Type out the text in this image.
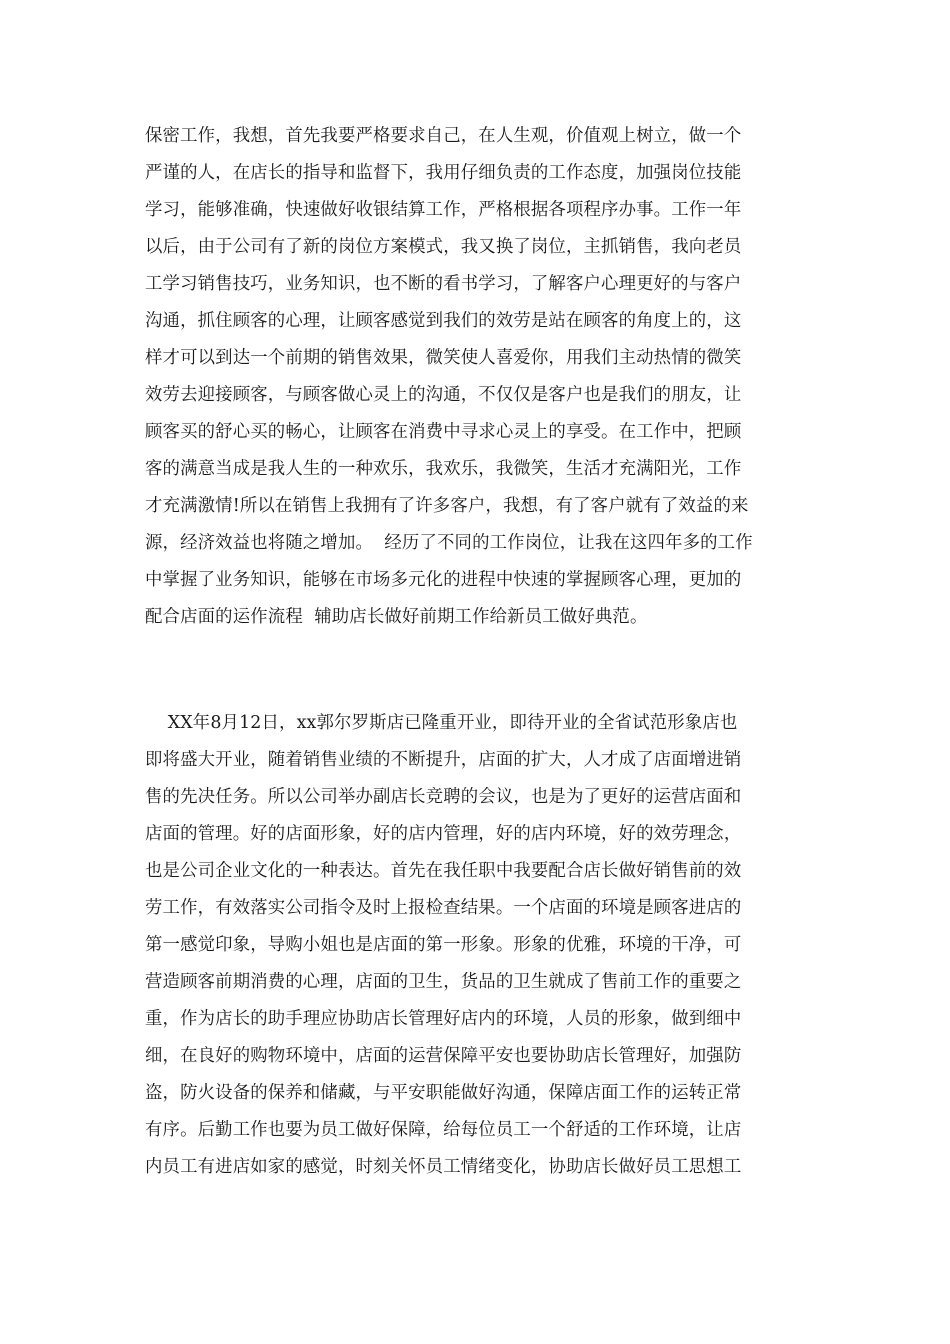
保密工作，我想，首先我要严格要求自己，在人生观，价值观上树立，做一个
严谨的人，在店长的指导和监督下，我用仔细负责的工作态度，加强岗位技能
学习，能够准确，快速做好收银结算工作，严格根据各项程序办事。工作一年
以后，由于公司有了新的岗位方案模式，我又换了岗位，主抓销售，我向老员
工学习销售技巧，业务知识，也不断的看书学习，了解客户心理更好的与客户
沟通，抓住顾客的心理，让顾客感觉到我们的效劳是站在顾客的角度上的，这
样才可以到达一个前期的销售效果，微笑使人喜爱你，用我们主动热情的微笑
效劳去迎接顾客，与顾客做心灵上的沟通，不仅仅是客户也是我们的朋友，让
顾客买的舒心买的畅心，让顾客在消费中寻求心灵上的享受。在工作中，把顾
客的满意当成是我人生的一种欢乐，我欢乐，我微笑，生活才充满阳光，工作
才充满激情!所以在销售上我拥有了许多客户，我想，有了客户就有了效益的来
源，经济效益也将随之增加。  经历了不同的工作岗位，让我在这四年多的工作
中掌握了业务知识，能够在市场多元化的进程中快速的掌握顾客心理，更加的
配合店面的运作流程  辅助店长做好前期工作给新员工做好典范。
XX年8月12日，xx郭尔罗斯店已隆重开业，即待开业的全省试范形象店也
即将盛大开业，随着销售业绩的不断提升，店面的扩大，人才成了店面增进销
售的先决任务。所以公司举办副店长竞聘的会议，也是为了更好的运营店面和
店面的管理。好的店面形象，好的店内管理，好的店内环境，好的效劳理念，
也是公司企业文化的一种表达。首先在我任职中我要配合店长做好销售前的效
劳工作，有效落实公司指令及时上报检查结果。一个店面的环境是顾客进店的
第一感觉印象，导购小姐也是店面的第一形象。形象的优雅，环境的干净，可
营造顾客前期消费的心理，店面的卫生，货品的卫生就成了售前工作的重要之
重，作为店长的助手理应协助店长管理好店内的环境，人员的形象，做到细中
细，在良好的购物环境中，店面的运营保障平安也要协助店长管理好，加强防
盗，防火设备的保养和储藏，与平安职能做好沟通，保障店面工作的运转正常
有序。后勤工作也要为员工做好保障，给每位员工一个舒适的工作环境，让店
内员工有进店如家的感觉，时刻关怀员工情绪变化，协助店长做好员工思想工
